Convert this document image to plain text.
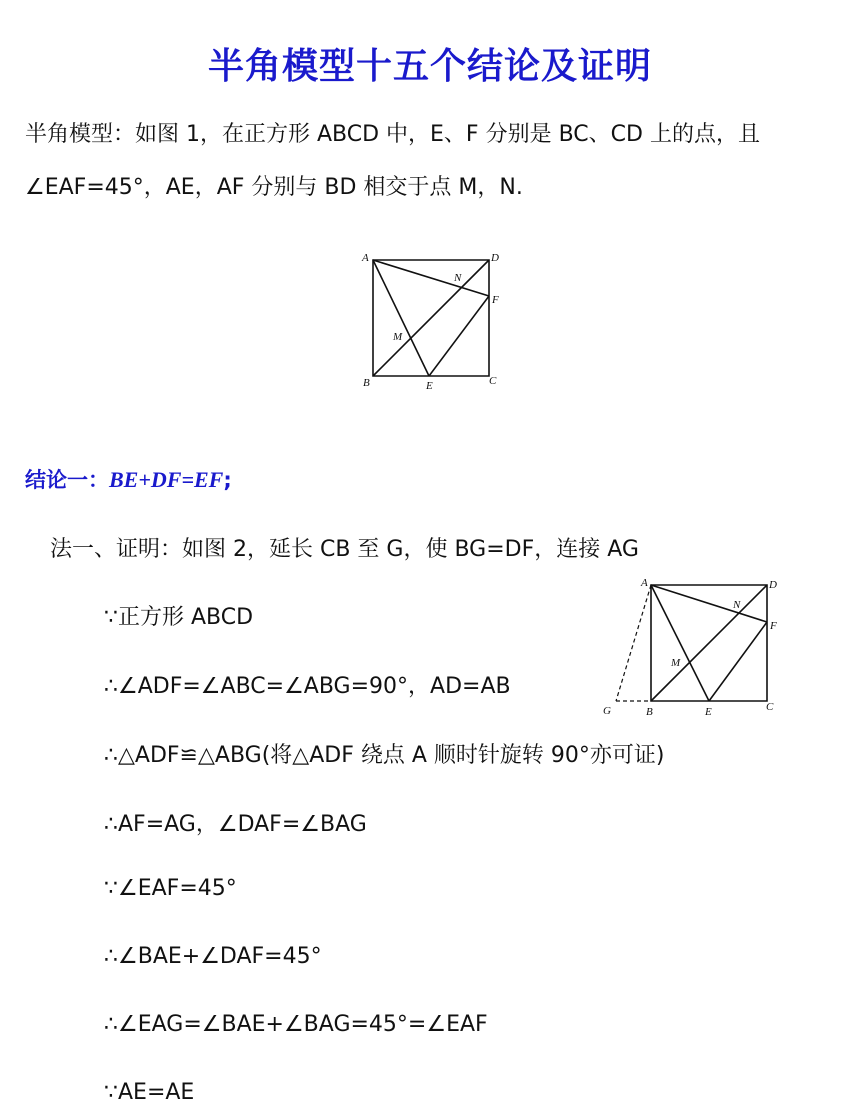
半角模型十五个结论及证明
半角模型：如图 1，在正方形 ABCD 中，E、F 分别是 BC、CD 上的点，且
∠EAF=45°，AE，AF 分别与 BD 相交于点 M，N.
A	D
N
F
M
B	E	C
结论一：BE+DF=EF;
法一、证明：如图 2，延长 CB 至 G，使 BG=DF，连接 AG
A	D
N
F
M
G	B	E	C
∵正方形 ABCD
∴∠ADF=∠ABC=∠ABG=90°，AD=AB
∴△ADF≌△ABG(将△ADF 绕点 A 顺时针旋转 90°亦可证)
∴AF=AG，∠DAF=∠BAG
∵∠EAF=45°
∴∠BAE+∠DAF=45°
∴∠EAG=∠BAE+∠BAG=45°=∠EAF
∵AE=AE
